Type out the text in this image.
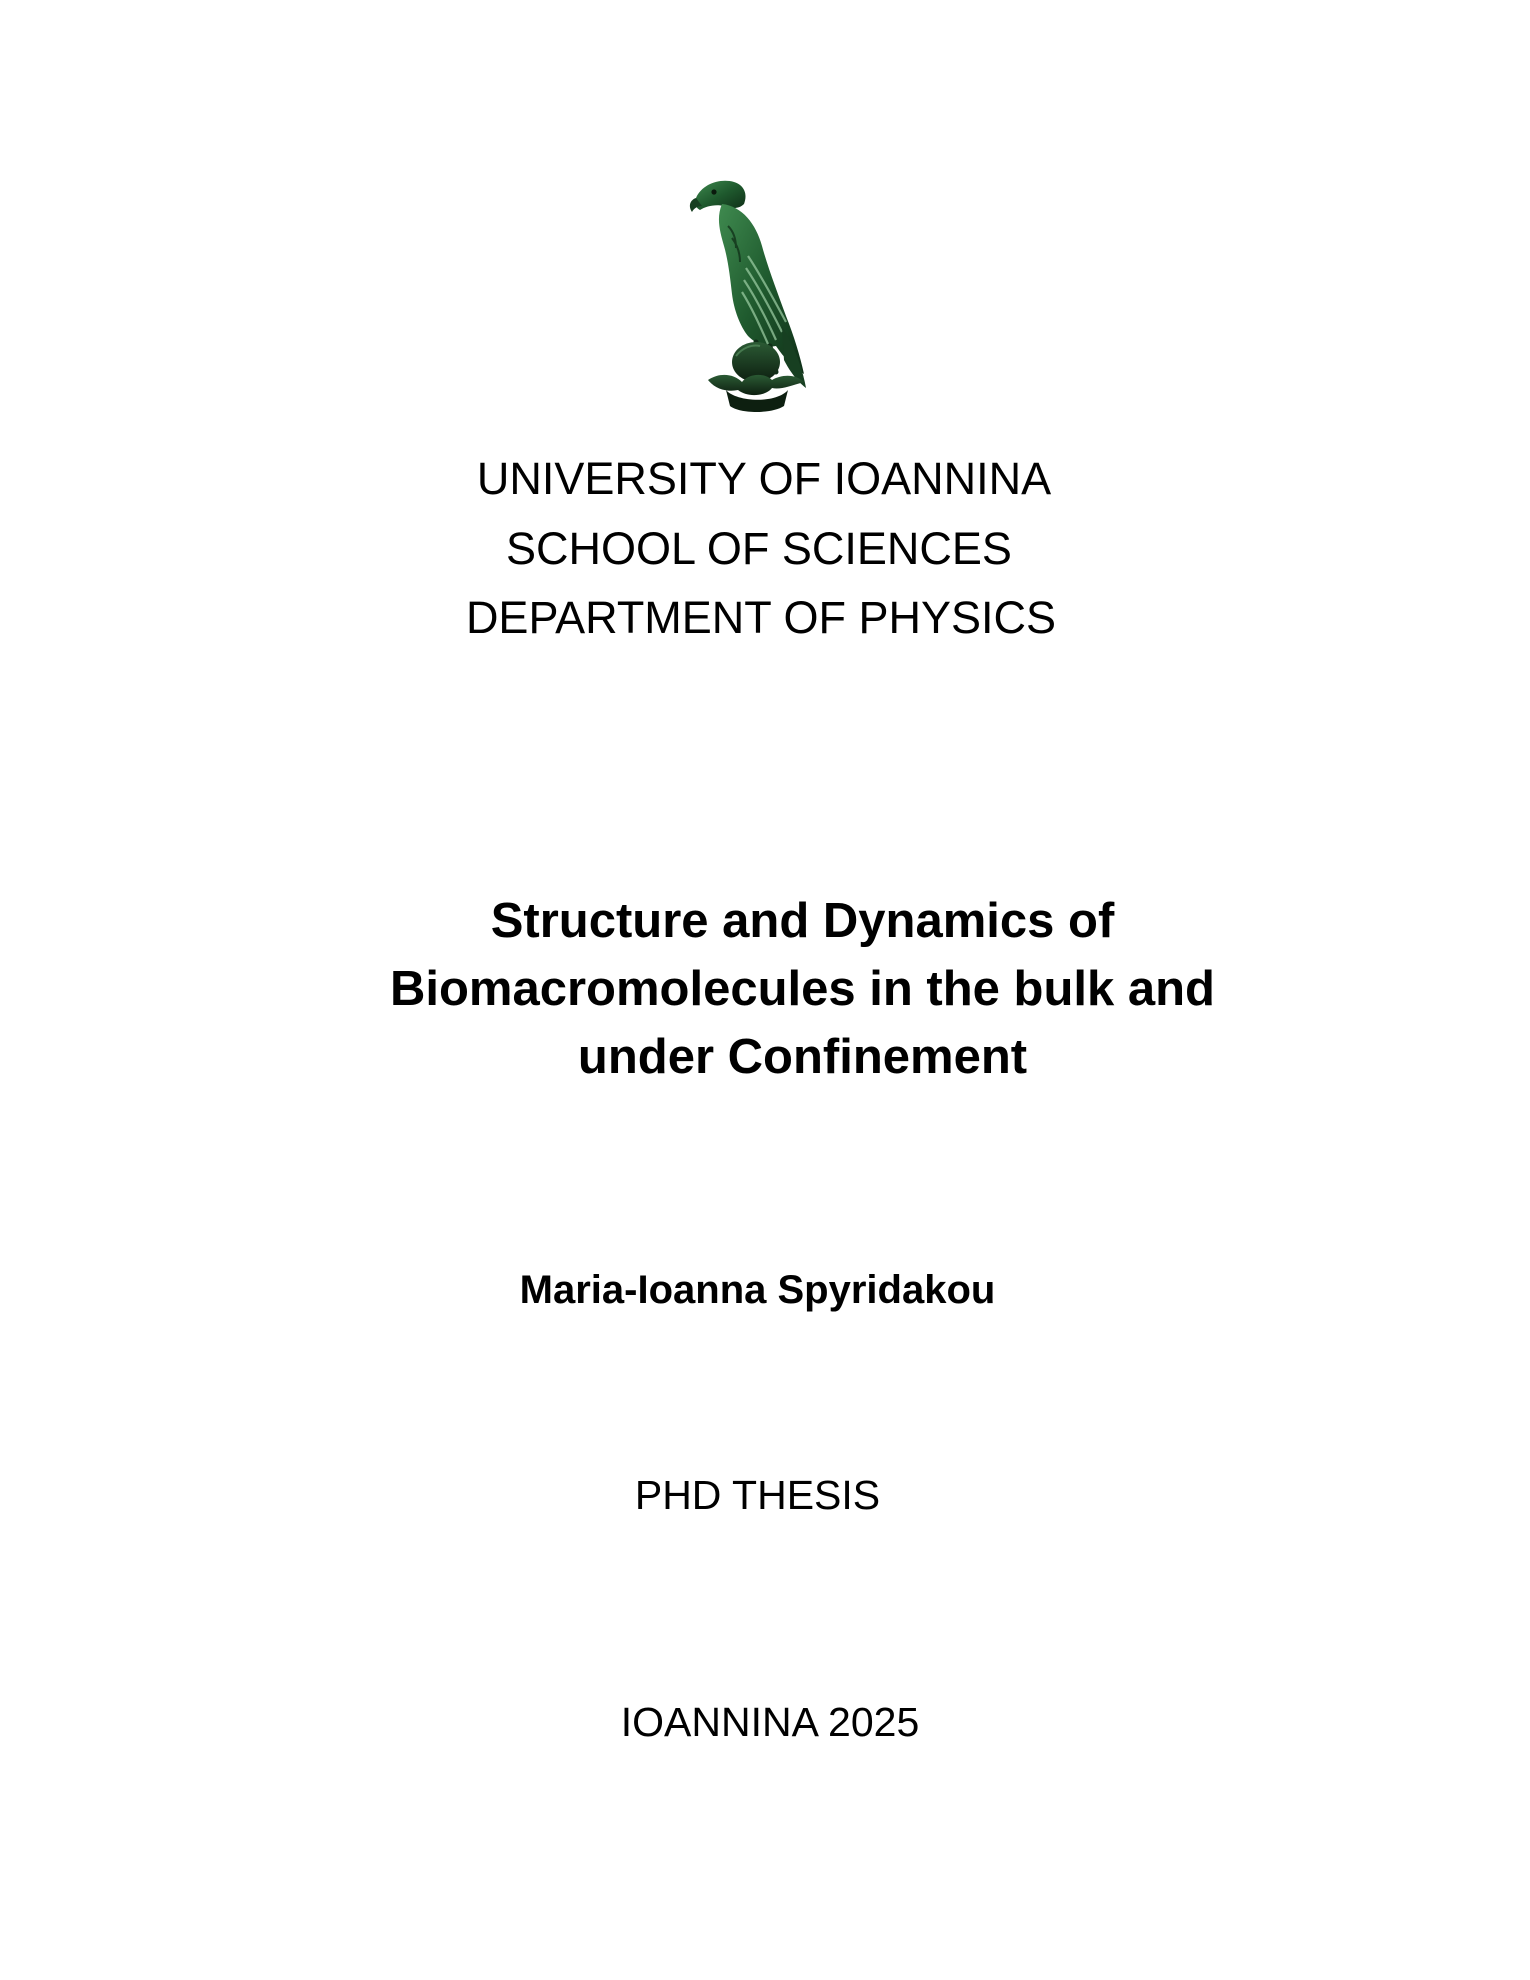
UNIVERSITY OF IOANNINA
SCHOOL OF SCIENCES
DEPARTMENT OF PHYSICS
Structure and Dynamics of
Biomacromolecules in the bulk and
under Confinement
Maria-Ioanna Spyridakou
PHD THESIS
IOANNINA 2025
